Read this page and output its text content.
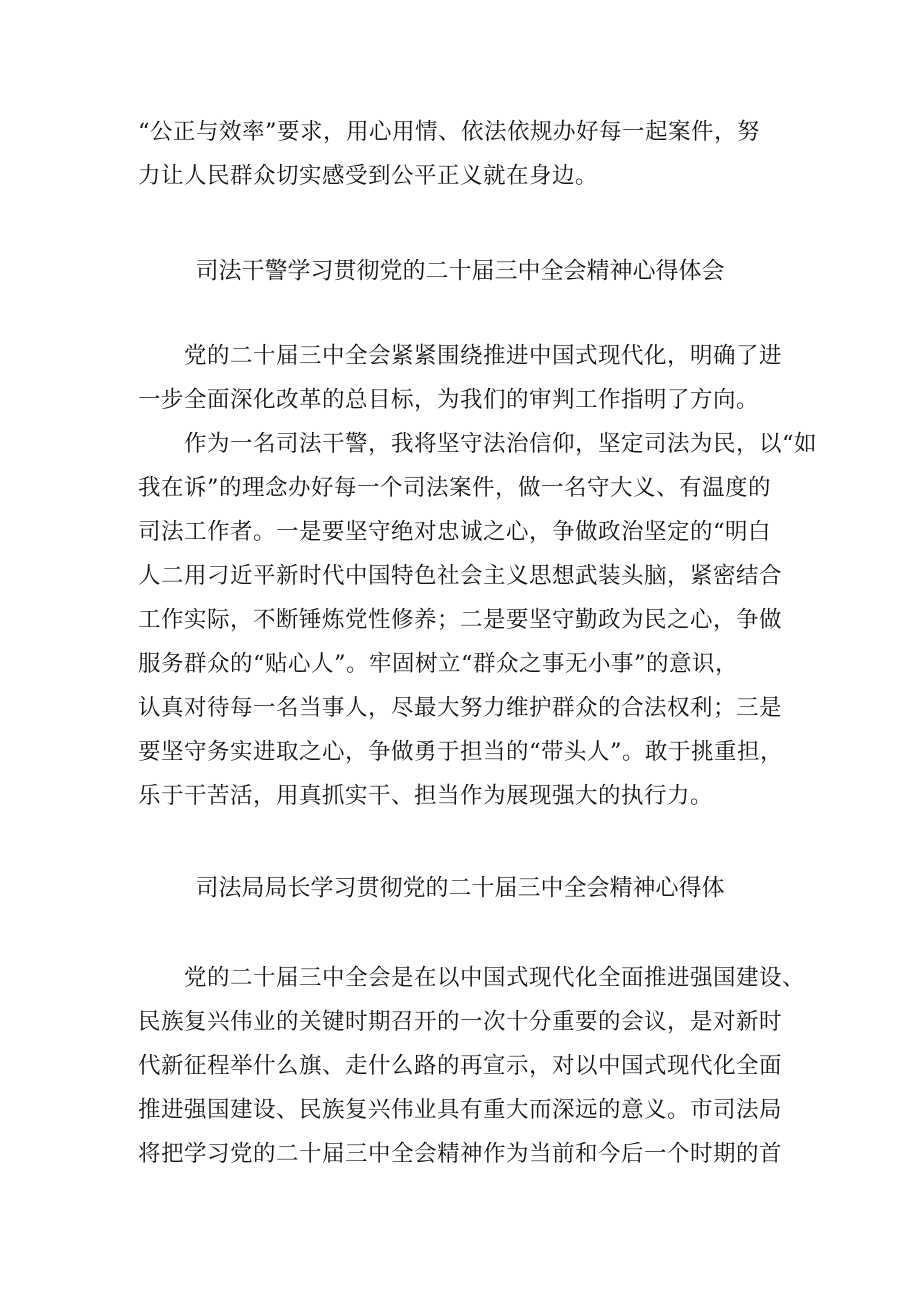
“公正与效率”要求，用心用情、依法依规办好每一起案件，努
力让人民群众切实感受到公平正义就在身边。
司法干警学习贯彻党的二十届三中全会精神心得体会
　　党的二十届三中全会紧紧围绕推进中国式现代化，明确了进
一步全面深化改革的总目标，为我们的审判工作指明了方向。
　　作为一名司法干警，我将坚守法治信仰，坚定司法为民，以“如
我在诉”的理念办好每一个司法案件，做一名守大义、有温度的
司法工作者。一是要坚守绝对忠诚之心，争做政治坚定的“明白
人二用刁近平新时代中国特色社会主义思想武装头脑，紧密结合
工作实际，不断锤炼党性修养；二是要坚守勤政为民之心，争做
服务群众的“贴心人”。牢固树立“群众之事无小事”的意识，
认真对待每一名当事人，尽最大努力维护群众的合法权利；三是
要坚守务实进取之心，争做勇于担当的“带头人”。敢于挑重担，
乐于干苦活，用真抓实干、担当作为展现强大的执行力。
司法局局长学习贯彻党的二十届三中全会精神心得体
　　党的二十届三中全会是在以中国式现代化全面推进强国建设、
民族复兴伟业的关键时期召开的一次十分重要的会议，是对新时
代新征程举什么旗、走什么路的再宣示，对以中国式现代化全面
推进强国建设、民族复兴伟业具有重大而深远的意义。市司法局
将把学习党的二十届三中全会精神作为当前和今后一个时期的首
